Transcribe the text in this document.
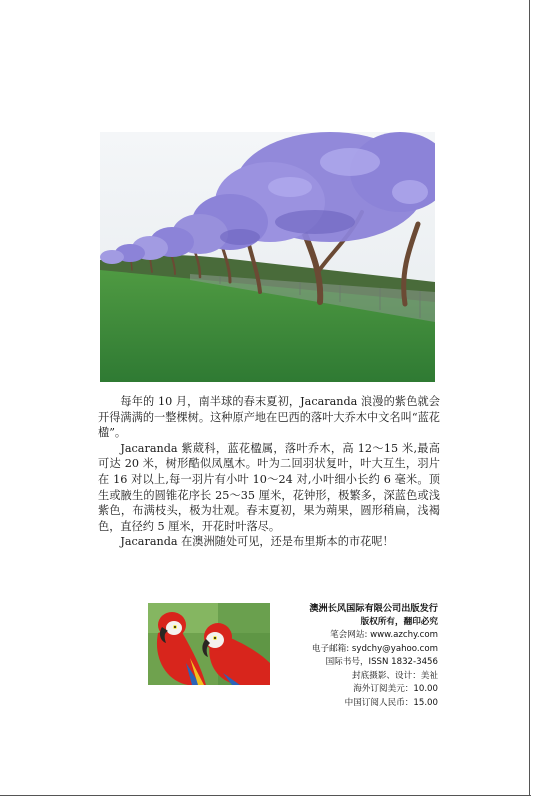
每年的 10 月，南半球的春末夏初，Jacaranda 浪漫的紫色就会开得满满的一整棵树。这种原产地在巴西的落叶大乔木中文名叫“蓝花楹”。

Jacaranda 紫葳科，蓝花楹属，落叶乔木，高 12～15 米,最高可达 20 米，树形酷似凤凰木。叶为二回羽状复叶，叶大互生，羽片在 16 对以上,每一羽片有小叶 10～24 对,小叶细小长约 6 毫米。顶生或腋生的圆锥花序长 25～35 厘米，花钟形，极繁多，深蓝色或浅紫色，布满枝头，极为壮观。春末夏初，果为蒴果，圆形稍扁，浅褐色，直径约 5 厘米，开花时叶落尽。

Jacaranda 在澳洲随处可见，还是布里斯本的市花呢！

澳洲长风国际有限公司出版发行
版权所有，翻印必究
笔会网站: www.azchy.com
电子邮箱: sydchy@yahoo.com
国际书号，ISSN 1832-3456
封底摄影、设计：美祉
海外订阅美元：10.00
中国订阅人民币：15.00
